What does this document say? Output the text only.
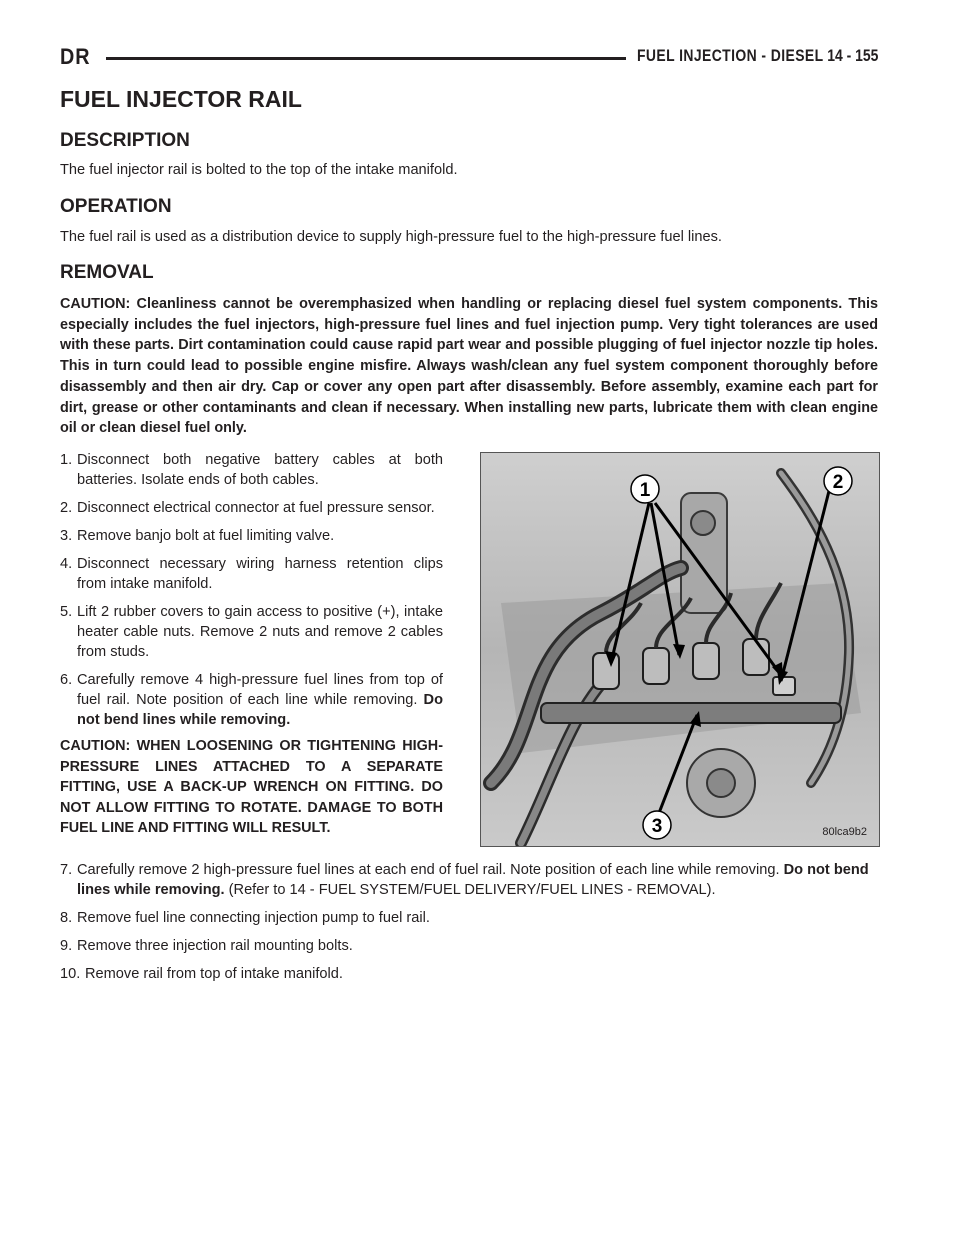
DR	FUEL INJECTION - DIESEL 14 - 155
FUEL INJECTOR RAIL
DESCRIPTION

The fuel injector rail is bolted to the top of the intake manifold.

OPERATION

The fuel rail is used as a distribution device to supply high-pressure fuel to the high-pressure fuel lines.

REMOVAL

CAUTION: Cleanliness cannot be overemphasized when handling or replacing diesel fuel system components. This especially includes the fuel injectors, high-pressure fuel lines and fuel injection pump. Very tight tolerances are used with these parts. Dirt contamination could cause rapid part wear and possible plugging of fuel injector nozzle tip holes. This in turn could lead to possible engine misfire. Always wash/clean any fuel system component thoroughly before disassembly and then air dry. Cap or cover any open part after disassembly. Before assembly, examine each part for dirt, grease or other contaminants and clean if necessary. When installing new parts, lubricate them with clean engine oil or clean diesel fuel only.

1. Disconnect both negative battery cables at both batteries. Isolate ends of both cables.
2. Disconnect electrical connector at fuel pressure sensor.
3. Remove banjo bolt at fuel limiting valve.
4. Disconnect necessary wiring harness retention clips from intake manifold.
5. Lift 2 rubber covers to gain access to positive (+), intake heater cable nuts. Remove 2 nuts and remove 2 cables from studs.
6. Carefully remove 4 high-pressure fuel lines from top of fuel rail. Note position of each line while removing. Do not bend lines while removing.

CAUTION: WHEN LOOSENING OR TIGHTENING HIGH-PRESSURE LINES ATTACHED TO A SEPARATE FITTING, USE A BACK-UP WRENCH ON FITTING. DO NOT ALLOW FITTING TO ROTATE. DAMAGE TO BOTH FUEL LINE AND FITTING WILL RESULT.

1	2
3	80lca9b2
7. Carefully remove 2 high-pressure fuel lines at each end of fuel rail. Note position of each line while removing. Do not bend lines while removing. (Refer to 14 - FUEL SYSTEM/FUEL DELIVERY/FUEL LINES - REMOVAL).
8. Remove fuel line connecting injection pump to fuel rail.
9. Remove three injection rail mounting bolts.
10. Remove rail from top of intake manifold.
